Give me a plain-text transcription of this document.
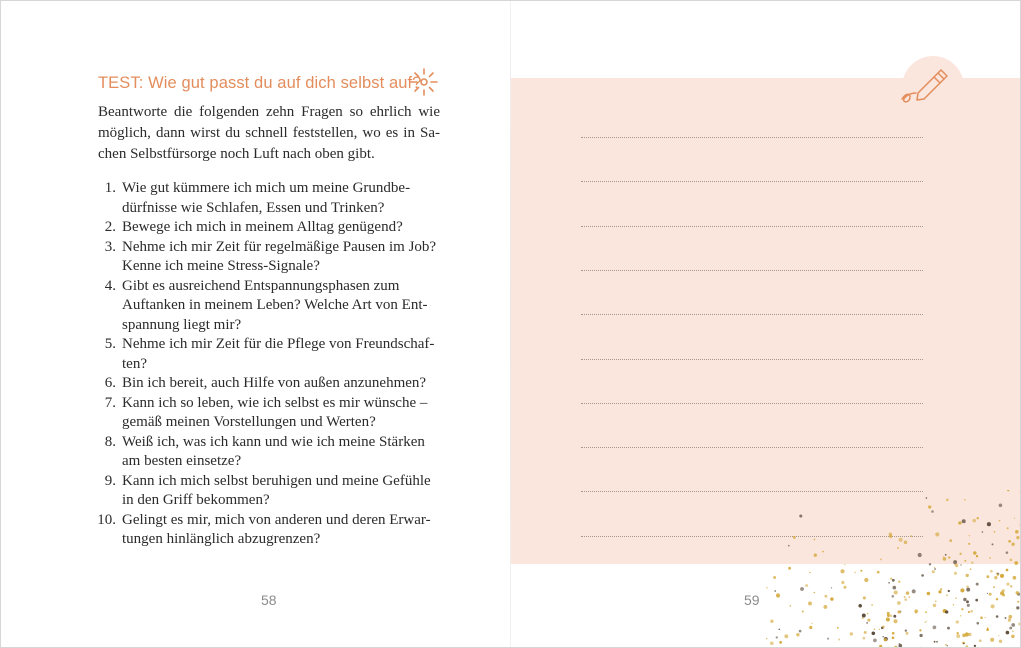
TEST: Wie gut passt du auf dich selbst auf?

Beantworte die folgenden zehn Fragen so ehrlich wie
möglich, dann wirst du schnell feststellen, wo es in Sa-
chen Selbstfürsorge noch Luft nach oben gibt.

1. Wie gut kümmere ich mich um meine Grundbe-
dürfnisse wie Schlafen, Essen und Trinken?
2. Bewege ich mich in meinem Alltag genügend?
3. Nehme ich mir Zeit für regelmäßige Pausen im Job?
Kenne ich meine Stress-Signale?
4. Gibt es ausreichend Entspannungsphasen zum
Auftanken in meinem Leben? Welche Art von Ent-
spannung liegt mir?
5. Nehme ich mir Zeit für die Pflege von Freundschaf-
ten?
6. Bin ich bereit, auch Hilfe von außen anzunehmen?
7. Kann ich so leben, wie ich selbst es mir wünsche –
gemäß meinen Vorstellungen und Werten?
8. Weiß ich, was ich kann und wie ich meine Stärken
am besten einsetze?
9. Kann ich mich selbst beruhigen und meine Gefühle
in den Griff bekommen?
10. Gelingt es mir, mich von anderen und deren Erwar-
tungen hinlänglich abzugrenzen?
58	59
